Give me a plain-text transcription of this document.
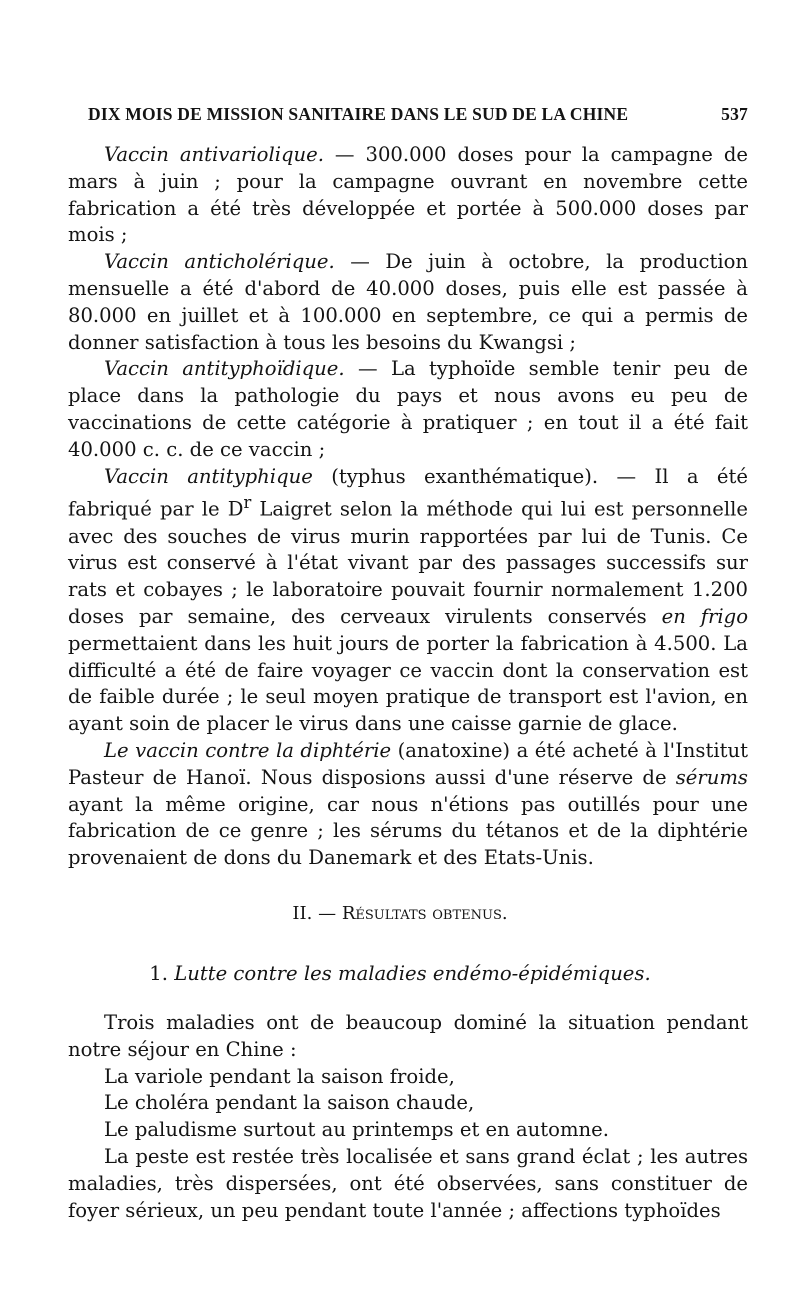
DIX MOIS DE MISSION SANITAIRE DANS LE SUD DE LA CHINE	537

Vaccin antivariolique. — 300.000 doses pour la campagne de mars à juin ; pour la campagne ouvrant en novembre cette fabrication a été très développée et portée à 500.000 doses par mois ;

Vaccin anticholérique. — De juin à octobre, la production mensuelle a été d'abord de 40.000 doses, puis elle est passée à 80.000 en juillet et à 100.000 en septembre, ce qui a permis de donner satisfaction à tous les besoins du Kwangsi ;

Vaccin antityphoïdique. — La typhoïde semble tenir peu de place dans la pathologie du pays et nous avons eu peu de vaccinations de cette catégorie à pratiquer ; en tout il a été fait 40.000 c. c. de ce vaccin ;

Vaccin antityphique (typhus exanthématique). — Il a été fabriqué par le $D^r$ Laigret selon la méthode qui lui est personnelle avec des souches de virus murin rapportées par lui de Tunis. Ce virus est conservé à l'état vivant par des passages successifs sur rats et cobayes ; le laboratoire pouvait fournir normalement 1.200 doses par semaine, des cerveaux virulents conservés en frigo permettaient dans les huit jours de porter la fabrication à 4.500. La difficulté a été de faire voyager ce vaccin dont la conservation est de faible durée ; le seul moyen pratique de transport est l'avion, en ayant soin de placer le virus dans une caisse garnie de glace.

Le vaccin contre la diphtérie (anatoxine) a été acheté à l'Institut Pasteur de Hanoï. Nous disposions aussi d'une réserve de sérums ayant la même origine, car nous n'étions pas outillés pour une fabrication de ce genre ; les sérums du tétanos et de la diphtérie provenaient de dons du Danemark et des Etats-Unis.

II. — Résultats obtenus.
1. Lutte contre les maladies endémo-épidémiques.

Trois maladies ont de beaucoup dominé la situation pendant notre séjour en Chine :

La variole pendant la saison froide,

Le choléra pendant la saison chaude,

Le paludisme surtout au printemps et en automne.

La peste est restée très localisée et sans grand éclat ; les autres maladies, très dispersées, ont été observées, sans constituer de foyer sérieux, un peu pendant toute l'année ; affections typhoïdes
